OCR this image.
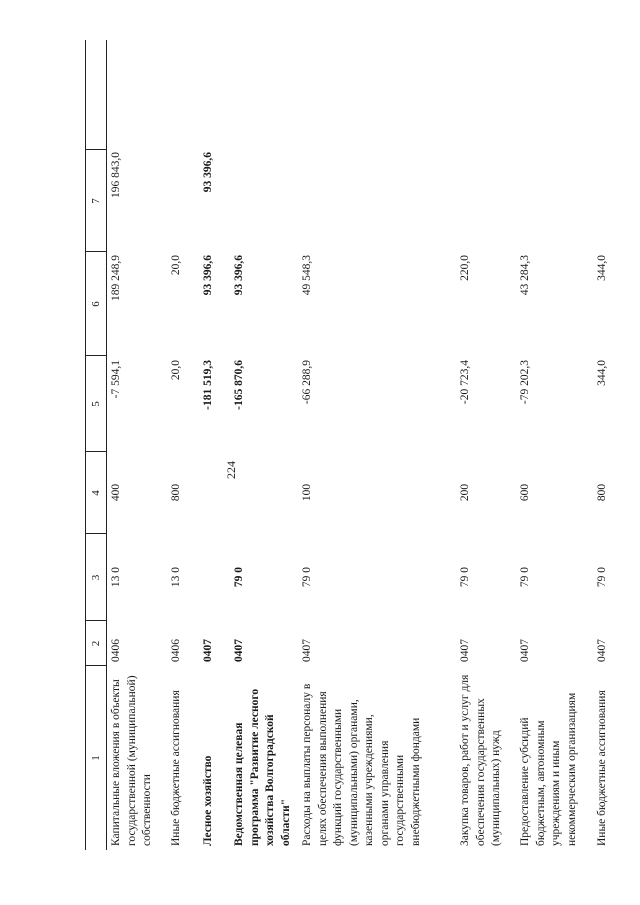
224
1
2
3
4
5
6
7
Капитальные вложения в объекты государственной (муниципальной) собственности
0406
13 0
400
-7 594,1
189 248,9
196 843,0
Иные бюджетные ассигнования
0406
13 0
800
20,0
20,0
Лесное хозяйство
0407
-181 519,3
93 396,6
93 396,6
Ведомственная целевая программа "Развитие лесного хозяйства Волгоградской области"
0407
79 0
-165 870,6
93 396,6
Расходы на выплаты персоналу в целях обеспечения выполнения функций государственными (муниципальными) органами, казенными учреждениями, органами управления государственными внебюджетными фондами
0407
79 0
100
-66 288,9
49 548,3
Закупка товаров, работ и услуг для обеспечения государственных (муниципальных) нужд
0407
79 0
200
-20 723,4
220,0
Предоставление субсидий бюджетным, автономным учреждениям и иным некоммерческим организациям
0407
79 0
600
-79 202,3
43 284,3
Иные бюджетные ассигнования
0407
79 0
800
344,0
344,0
